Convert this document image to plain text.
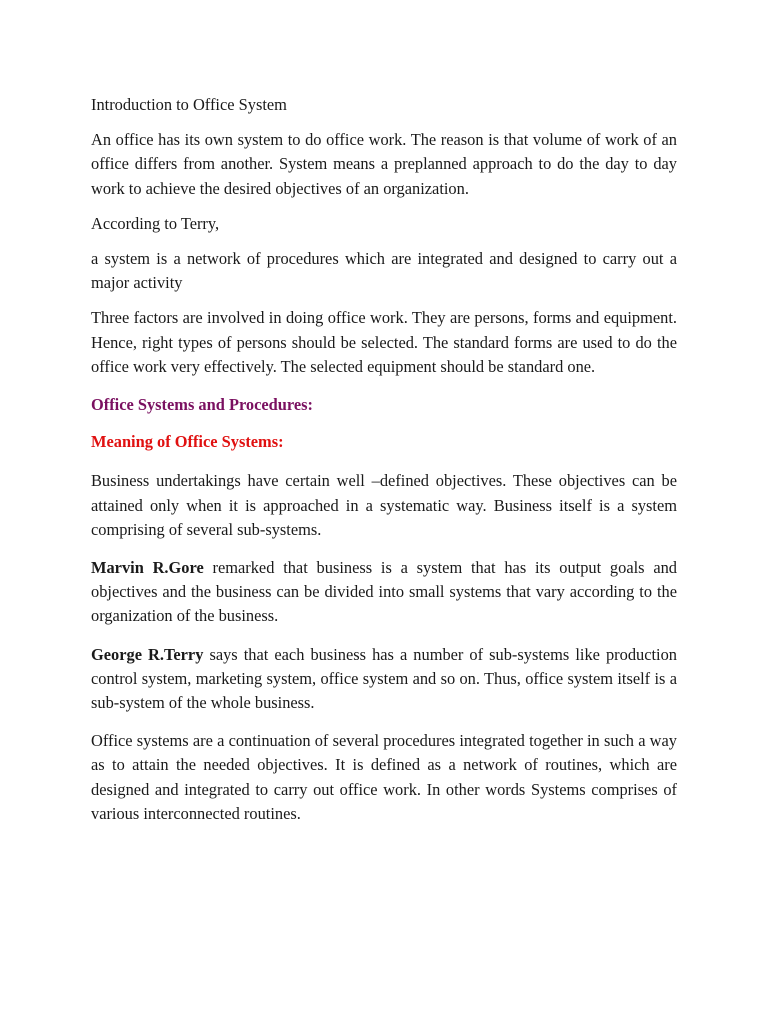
Introduction to Office System

An office has its own system to do office work. The reason is that volume of work of an office differs from another. System means a preplanned approach to do the day to day work to achieve the desired objectives of an organization.

According to Terry,

a system is a network of procedures which are integrated and designed to carry out a major activity

Three factors are involved in doing office work. They are persons, forms and equipment. Hence, right types of persons should be selected. The standard forms are used to do the office work very effectively. The selected equipment should be standard one.

Office Systems and Procedures:
Meaning of Office Systems:

Business undertakings have certain well –defined objectives. These objectives can be attained only when it is approached in a systematic way. Business itself is a system comprising of several sub-systems.

Marvin R.Gore remarked that business is a system that has its output goals and objectives and the business can be divided into small systems that vary according to the organization of the business.

George R.Terry says that each business has a number of sub-systems like production control system, marketing system, office system and so on. Thus, office system itself is a sub-system of the whole business.

Office systems are a continuation of several procedures integrated together in such a way as to attain the needed objectives. It is defined as a network of routines, which are designed and integrated to carry out office work. In other words Systems comprises of various interconnected routines.
